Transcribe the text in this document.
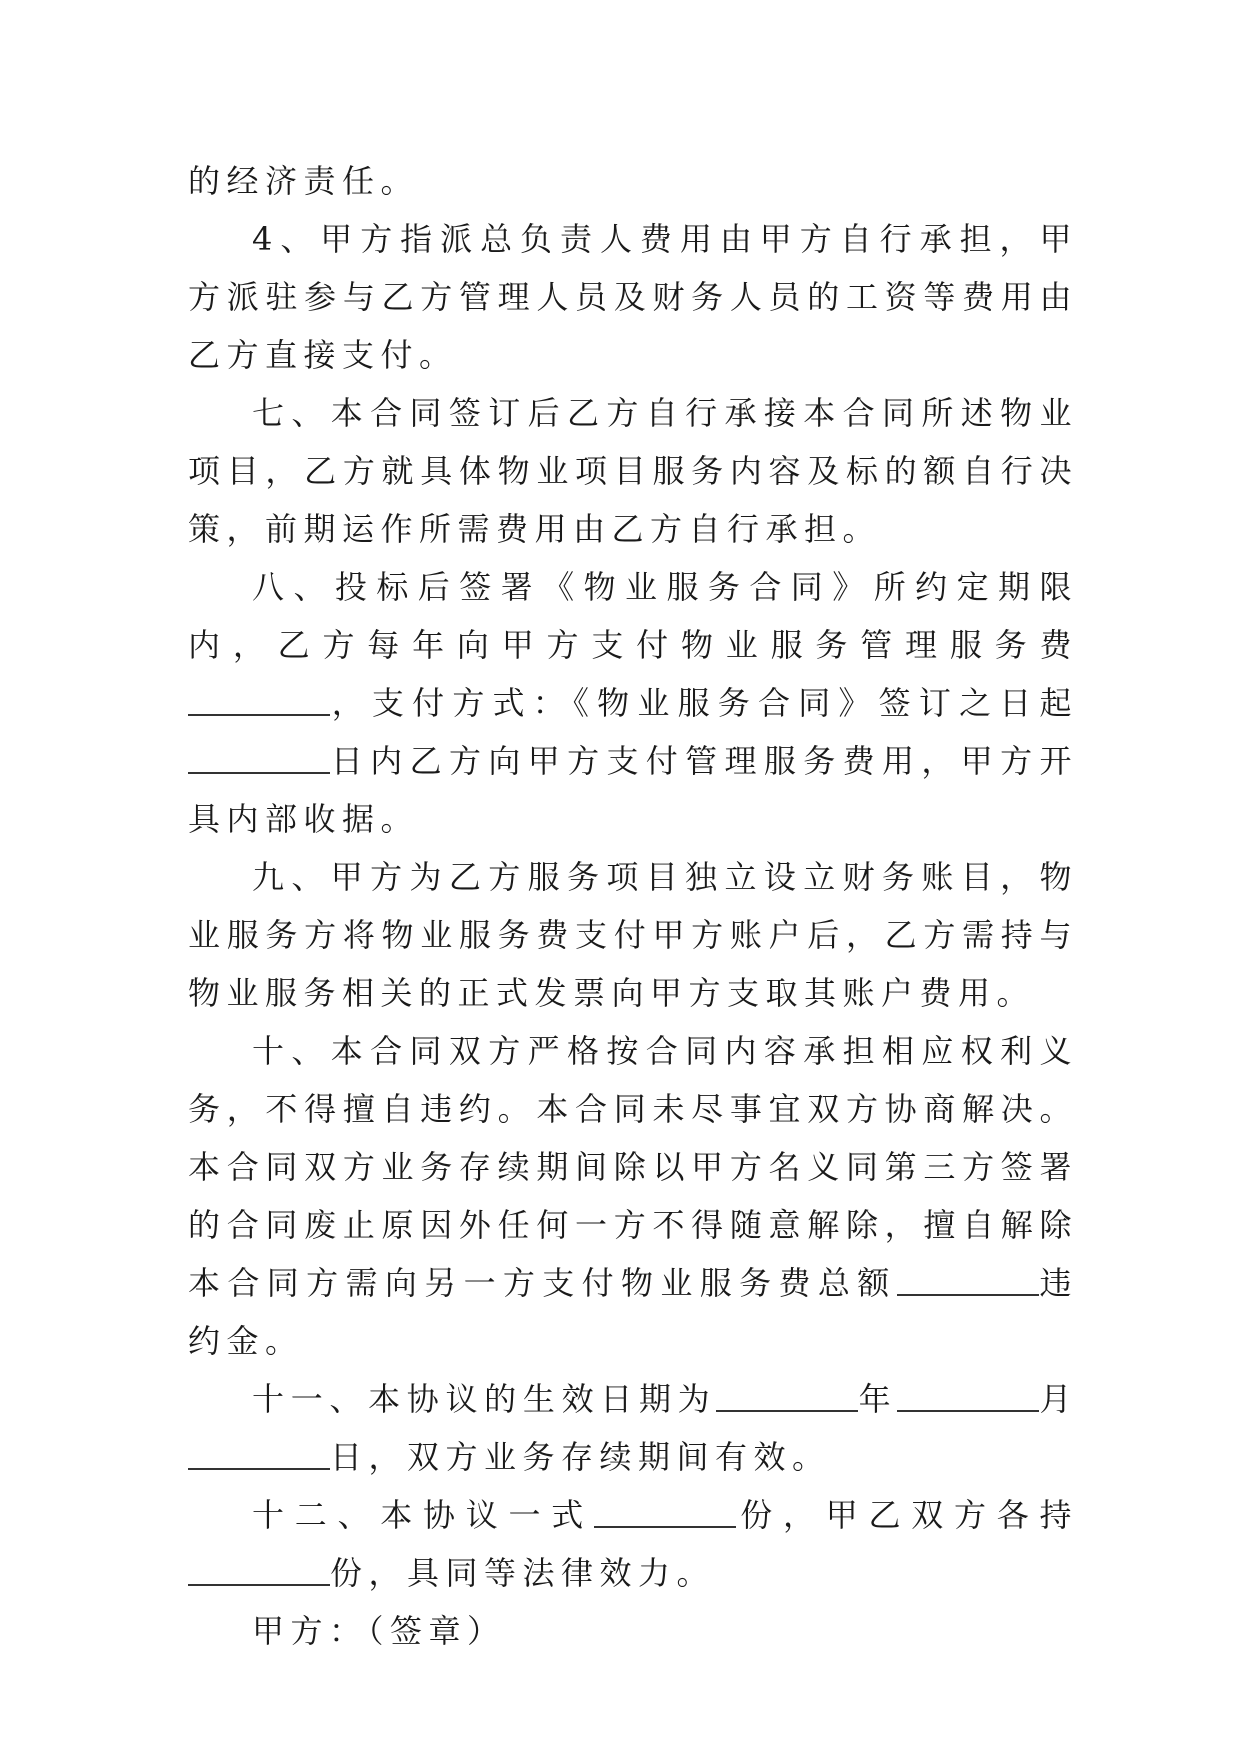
的经济责任。

4、甲方指派总负责人费用由甲方自行承担，甲方派驻参与乙方管理人员及财务人员的工资等费用由乙方直接支付。

七、本合同签订后乙方自行承接本合同所述物业项目，乙方就具体物业项目服务内容及标的额自行决策，前期运作所需费用由乙方自行承担。

八、投标后签署《物业服务合同》所约定期限内，乙方每年向甲方支付物业服务管理服务费，支付方式：《物业服务合同》签订之日起日内乙方向甲方支付管理服务费用，甲方开具内部收据。

九、甲方为乙方服务项目独立设立财务账目，物业服务方将物业服务费支付甲方账户后，乙方需持与物业服务相关的正式发票向甲方支取其账户费用。

十、本合同双方严格按合同内容承担相应权利义务，不得擅自违约。本合同未尽事宜双方协商解决。本合同双方业务存续期间除以甲方名义同第三方签署的合同废止原因外任何一方不得随意解除，擅自解除本合同方需向另一方支付物业服务费总额	违约金。

十一、本协议的生效日期为	年	月日，双方业务存续期间有效。

十二、本协议一式	份，甲乙双方各持份，具同等法律效力。

甲方：（签章）
